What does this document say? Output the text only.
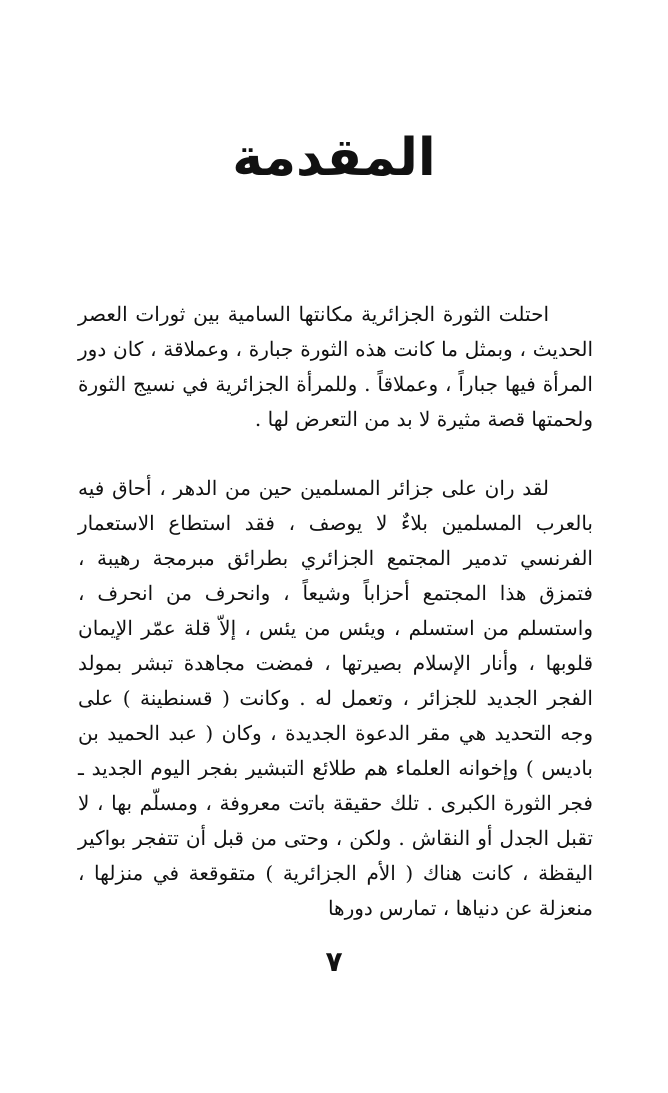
المقدمة

احتلت الثورة الجزائرية مكانتها السامية بين ثورات العصر الحديث ، وبمثل ما كانت هذه الثورة جبارة ، وعملاقة ، كان دور المرأة فيها جباراً ، وعملاقاً . وللمرأة الجزائرية في نسيج الثورة ولحمتها قصة مثيرة لا بد من التعرض لها .

لقد ران على جزائر المسلمين حين من الدهر ، أحاق فيه بالعرب المسلمين بلاءٌ لا يوصف ، فقد استطاع الاستعمار الفرنسي تدمير المجتمع الجزائري بطرائق مبرمجة رهيبة ، فتمزق هذا المجتمع أحزاباً وشيعاً ، وانحرف من انحرف ، واستسلم من استسلم ، ويئس من يئس ، إلاّ قلة عمّر الإيمان قلوبها ، وأنار الإسلام بصيرتها ، فمضت مجاهدة تبشر بمولد الفجر الجديد للجزائر ، وتعمل له . وكانت ( قسنطينة ) على وجه التحديد هي مقر الدعوة الجديدة ، وكان ( عبد الحميد بن باديس ) وإخوانه العلماء هم طلائع التبشير بفجر اليوم الجديد ـ فجر الثورة الكبرى . تلك حقيقة باتت معروفة ، ومسلّم بها ، لا تقبل الجدل أو النقاش . ولكن ، وحتى من قبل أن تتفجر بواكير اليقظة ، كانت هناك ( الأم الجزائرية ) متقوقعة في منزلها ، منعزلة عن دنياها ، تمارس دورها

٧
